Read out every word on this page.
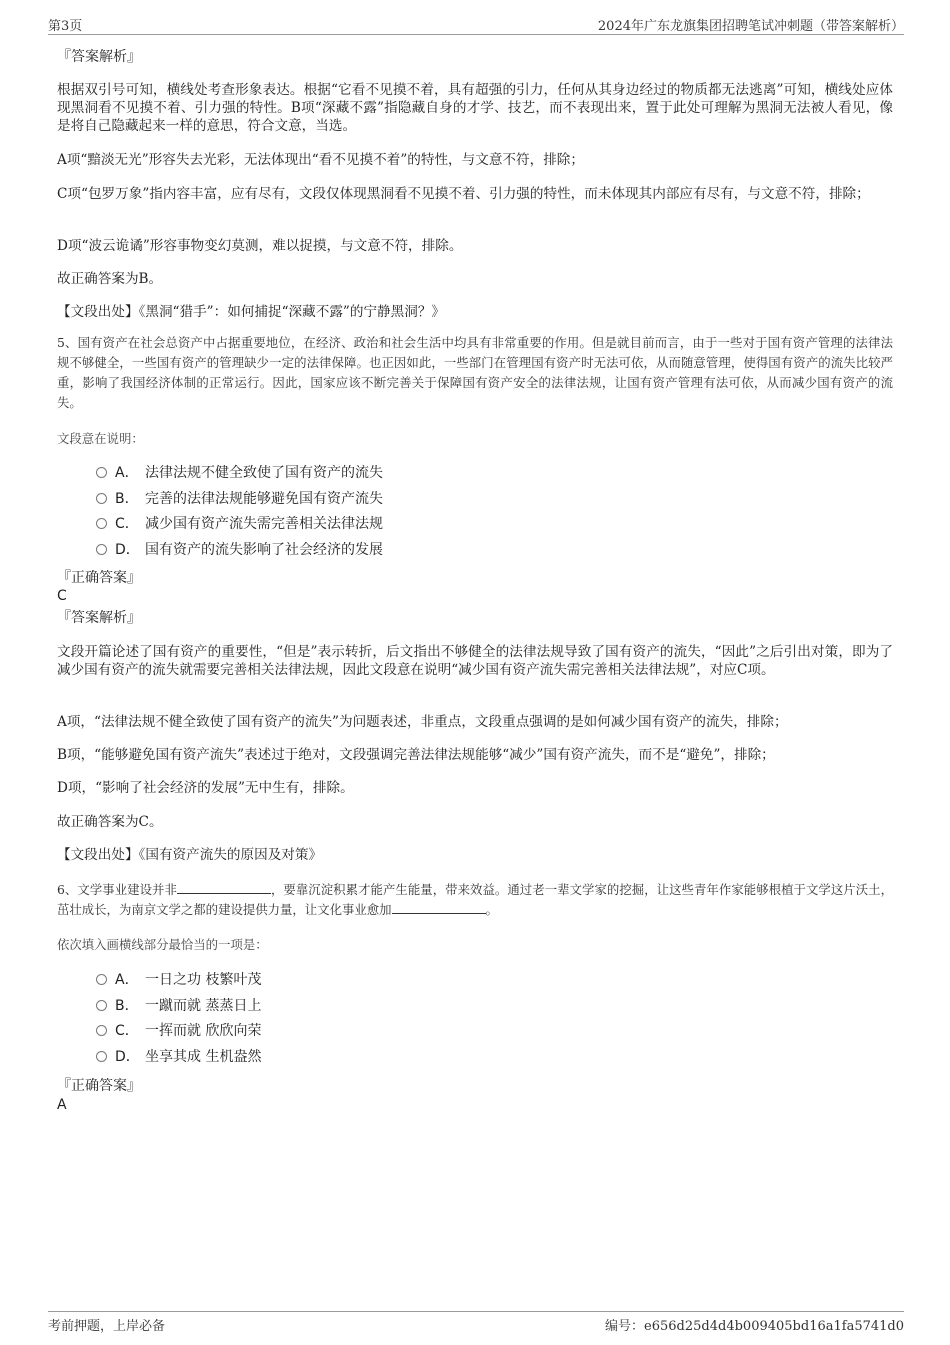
第3页	2024年广东龙旗集团招聘笔试冲刺题（带答案解析）
『答案解析』
根据双引号可知，横线处考查形象表达。根据“它看不见摸不着，具有超强的引力，任何从其身边经过的物质都无法逃离”可知，横线处应体现黑洞看不见摸不着、引力强的特性。B项“深藏不露”指隐藏自身的才学、技艺，而不表现出来，置于此处可理解为黑洞无法被人看见，像是将自己隐藏起来一样的意思，符合文意，当选。
A项“黯淡无光”形容失去光彩，无法体现出“看不见摸不着”的特性，与文意不符，排除；
C项“包罗万象”指内容丰富，应有尽有，文段仅体现黑洞看不见摸不着、引力强的特性，而未体现其内部应有尽有，与文意不符，排除；
D项“波云诡谲”形容事物变幻莫测，难以捉摸，与文意不符，排除。
故正确答案为B。
【文段出处】《黑洞“猎手”：如何捕捉“深藏不露”的宁静黑洞？》
5、国有资产在社会总资产中占据重要地位，在经济、政治和社会生活中均具有非常重要的作用。但是就目前而言，由于一些对于国有资产管理的法律法规不够健全，一些国有资产的管理缺少一定的法律保障。也正因如此，一些部门在管理国有资产时无法可依，从而随意管理，使得国有资产的流失比较严重，影响了我国经济体制的正常运行。因此，国家应该不断完善关于保障国有资产安全的法律法规，让国有资产管理有法可依，从而减少国有资产的流失。
文段意在说明：
A． 法律法规不健全致使了国有资产的流失
B． 完善的法律法规能够避免国有资产流失
C． 减少国有资产流失需完善相关法律法规
D． 国有资产的流失影响了社会经济的发展
『正确答案』
C
『答案解析』
文段开篇论述了国有资产的重要性，“但是”表示转折，后文指出不够健全的法律法规导致了国有资产的流失，“因此”之后引出对策，即为了减少国有资产的流失就需要完善相关法律法规，因此文段意在说明“减少国有资产流失需完善相关法律法规”，对应C项。
A项，“法律法规不健全致使了国有资产的流失”为问题表述，非重点，文段重点强调的是如何减少国有资产的流失，排除；
B项，“能够避免国有资产流失”表述过于绝对，文段强调完善法律法规能够“减少”国有资产流失，而不是“避免”，排除；
D项，“影响了社会经济的发展”无中生有，排除。
故正确答案为C。
【文段出处】《国有资产流失的原因及对策》
6、文学事业建设并非	，要靠沉淀积累才能产生能量，带来效益。通过老一辈文学家的挖掘，让这些青年作家能够根植于文学这片沃土，茁壮成长，为南京文学之都的建设提供力量，让文化事业愈加	。
依次填入画横线部分最恰当的一项是：
A． 一日之功 枝繁叶茂
B． 一蹴而就 蒸蒸日上
C． 一挥而就 欣欣向荣
D． 坐享其成 生机盎然
『正确答案』
A
考前押题，上岸必备	编号：e656d25d4d4b009405bd16a1fa5741d0
